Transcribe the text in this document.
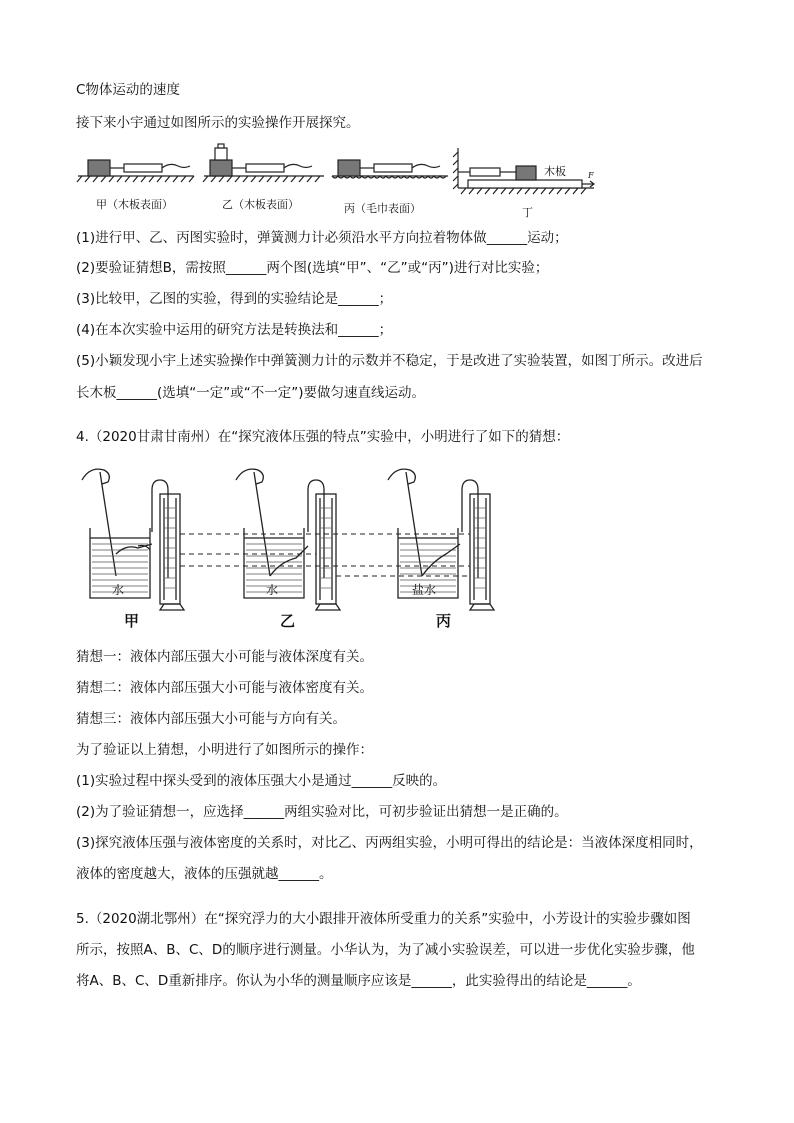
C物体运动的速度
接下来小宇通过如图所示的实验操作开展探究。
木板	F
甲（木板表面）	乙（木板表面）	丙（毛巾表面）	丁
(1)进行甲、乙、丙图实验时，弹簧测力计必须沿水平方向拉着物体做______运动；
(2)要验证猜想B，需按照______两个图(选填“甲”、“乙”或“丙”)进行对比实验；
(3)比较甲，乙图的实验，得到的实验结论是______；
(4)在本次实验中运用的研究方法是转换法和______；
(5)小颖发现小宇上述实验操作中弹簧测力计的示数并不稳定，于是改进了实验装置，如图丁所示。改进后
长木板______(选填“一定”或“不一定”)要做匀速直线运动。
4.（2020甘肃甘南州）在“探究液体压强的特点”实验中，小明进行了如下的猜想：
水	水	盐水
甲	乙	丙
猜想一：液体内部压强大小可能与液体深度有关。
猜想二：液体内部压强大小可能与液体密度有关。
猜想三：液体内部压强大小可能与方向有关。
为了验证以上猜想，小明进行了如图所示的操作：
(1)实验过程中探头受到的液体压强大小是通过______反映的。
(2)为了验证猜想一，应选择______两组实验对比，可初步验证出猜想一是正确的。
(3)探究液体压强与液体密度的关系时，对比乙、丙两组实验，小明可得出的结论是：当液体深度相同时，
液体的密度越大，液体的压强就越______。
5.（2020湖北鄂州）在“探究浮力的大小跟排开液体所受重力的关系”实验中，小芳设计的实验步骤如图
所示，按照A、B、C、D的顺序进行测量。小华认为，为了减小实验误差，可以进一步优化实验步骤，他
将A、B、C、D重新排序。你认为小华的测量顺序应该是______，此实验得出的结论是______。
